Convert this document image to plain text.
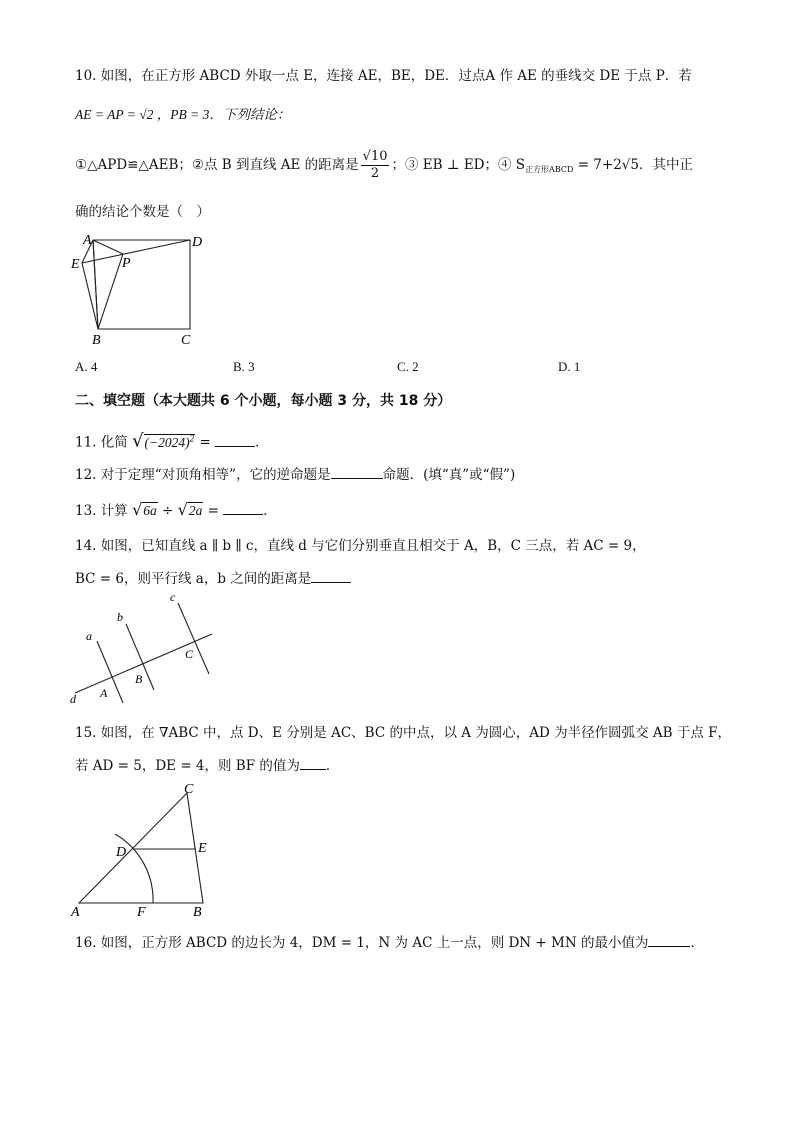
10. 如图，在正方形 ABCD 外取一点 E，连接 AE，BE，DE．过点A 作 AE 的垂线交 DE 于点 P．若
AE = AP = √2 ，PB = 3．下列结论：
①△APD≌△AEB；②点 B 到直线 AE 的距离是 $\frac{√10}{2}$ ；③ EB ⊥ ED；④ $S_{正方形ABCD} = 7+2√5$．其中正
确的结论个数是（　）
A	D
E	P
B	C
A. 4	B. 3	C. 2	D. 1
二、填空题（本大题共 6 个小题，每小题 3 分，共 18 分）
11. 化简 $√(-2024)^2$ =	．
12. 对于定理“对顶角相等”，它的逆命题是	命题．(填“真”或“假”)
13. 计算 √6a ÷ √2a =	．
14. 如图，已知直线 a ∥ b ∥ c，直线 d 与它们分别垂直且相交于 A，B，C 三点，若 AC = 9，
BC = 6，则平行线 a，b 之间的距离是
a
b
c
d A
B
C
15. 如图，在 ∇ABC 中，点 D、E 分别是 AC、BC 的中点，以 A 为圆心，AD 为半径作圆弧交 AB 于点 F，
若 AD = 5，DE = 4，则 BF 的值为 ．
C
D	E
A	F	B
16. 如图，正方形 ABCD 的边长为 4，DM = 1，N 为 AC 上一点，则 DN + MN 的最小值为	．
